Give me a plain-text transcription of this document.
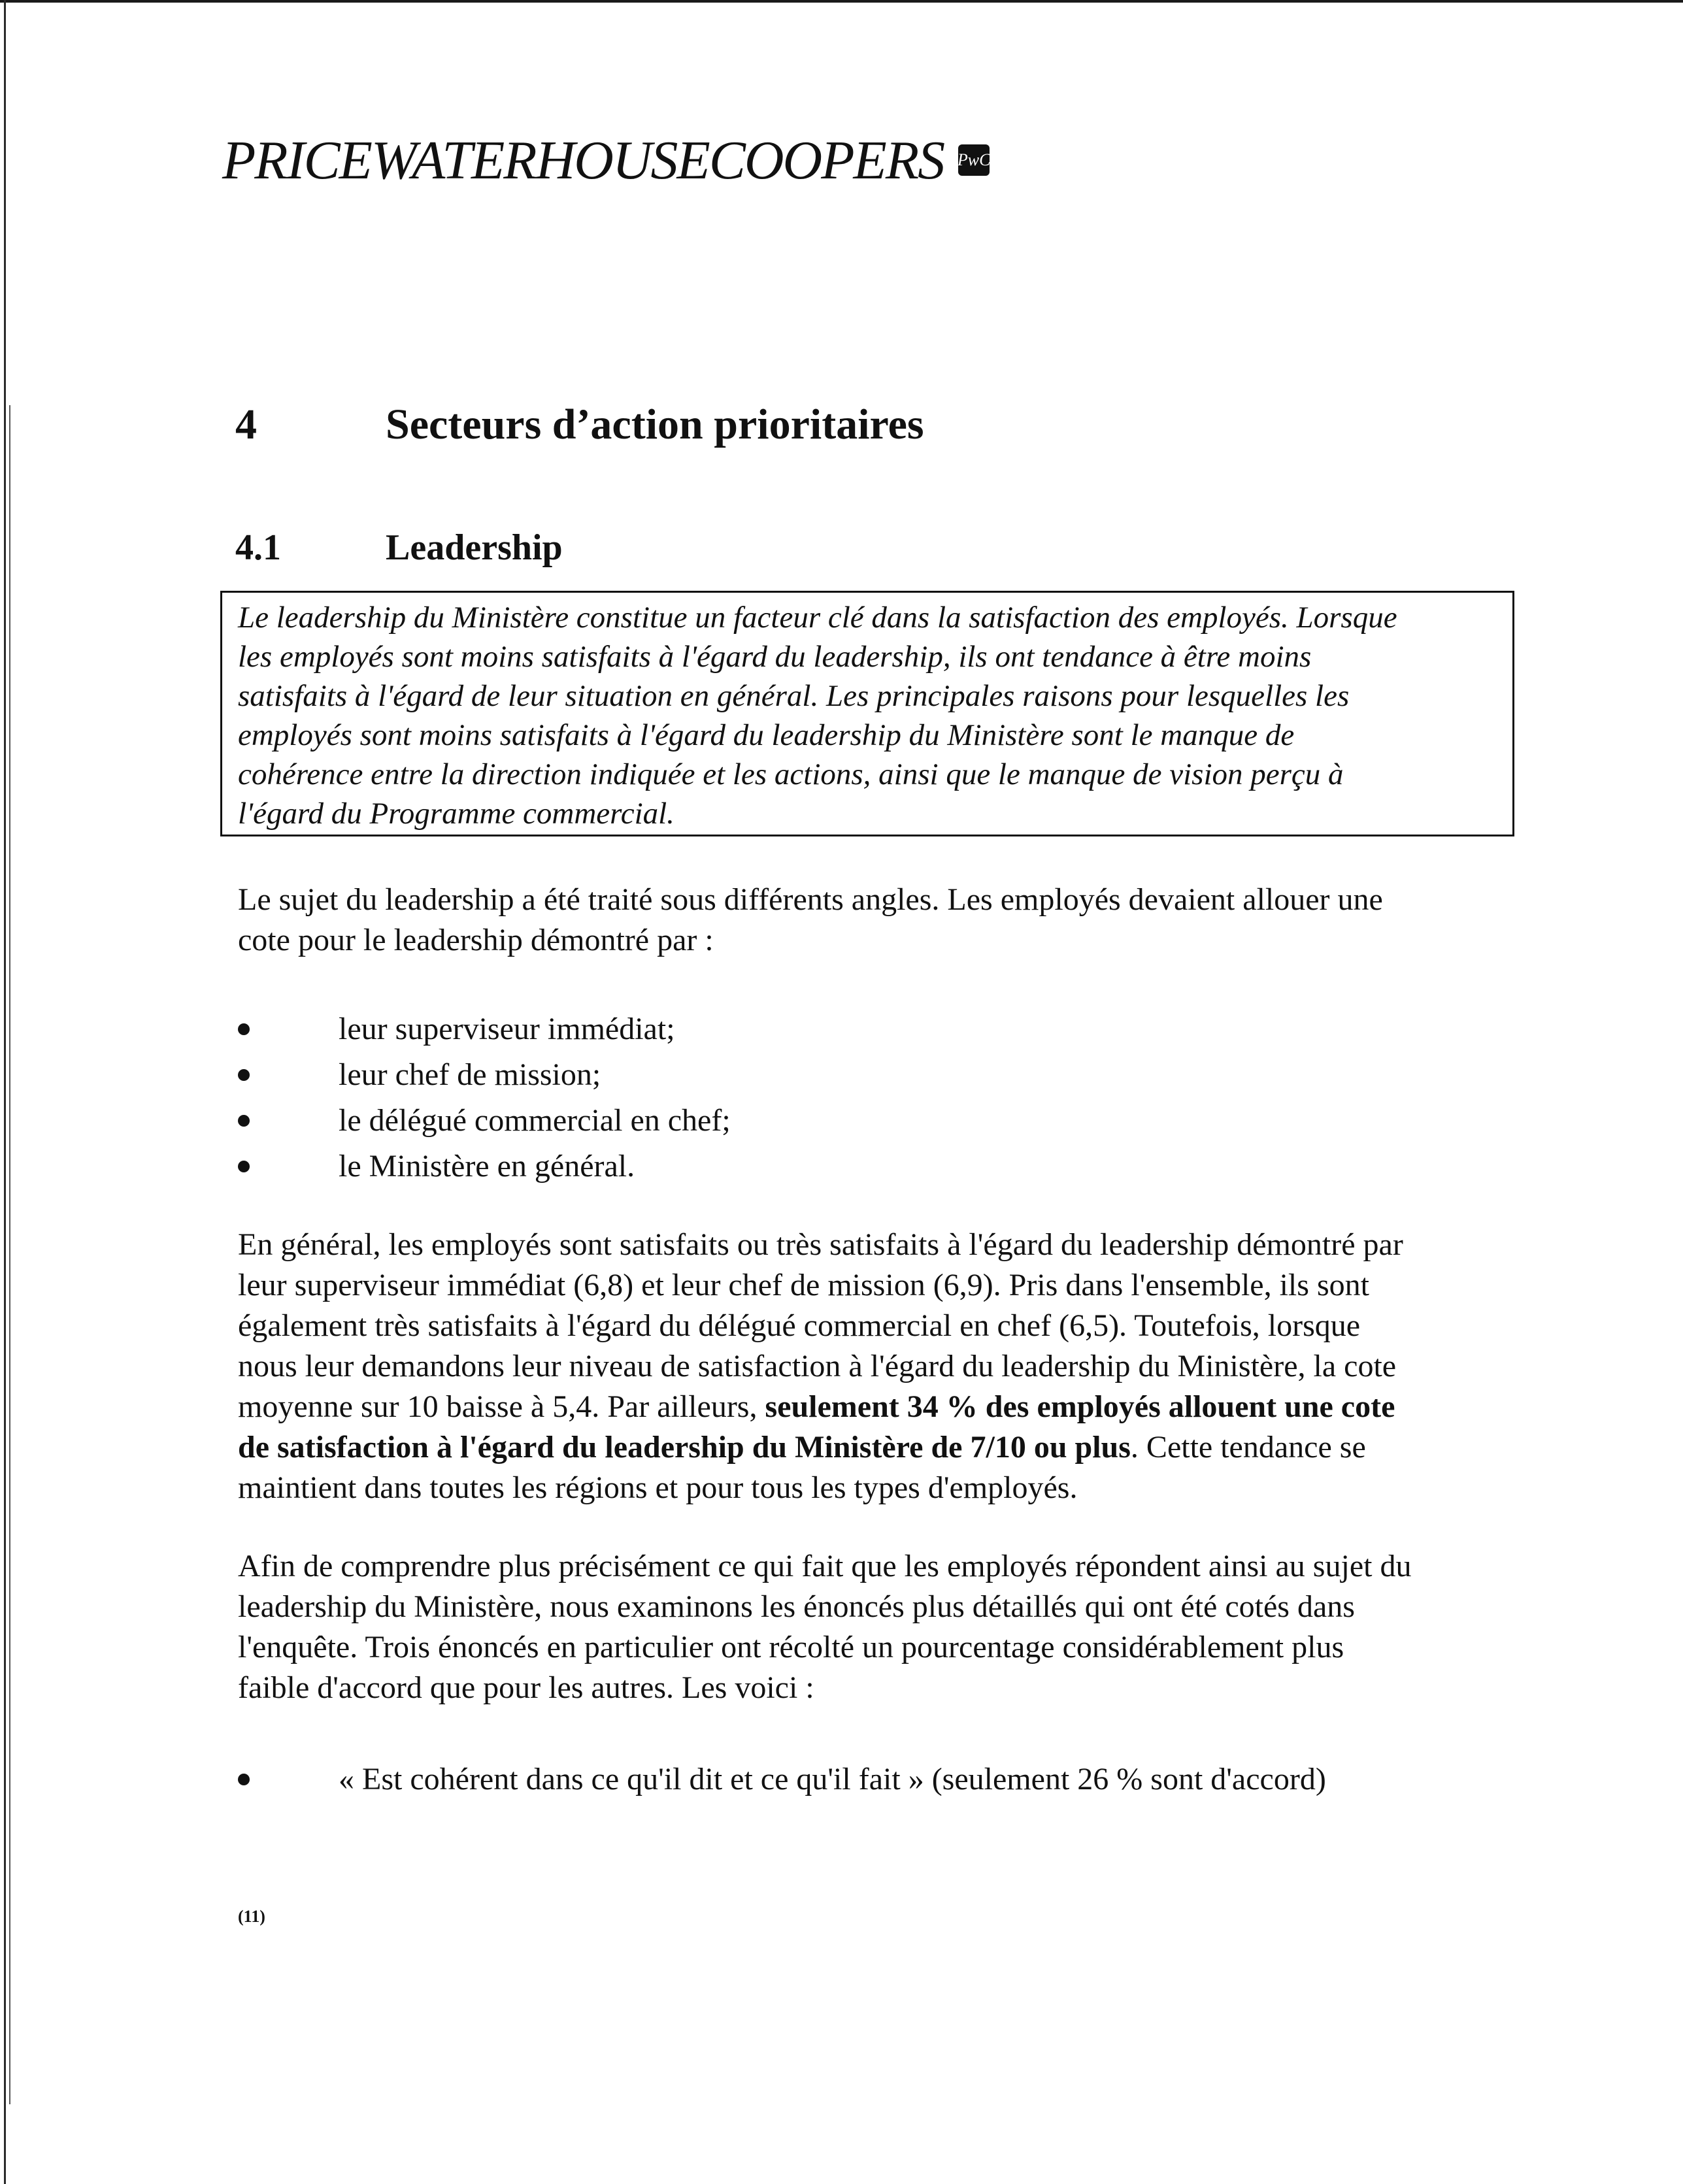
PRICEWATERHOUSECOOPERS PwC
4	Secteurs d’action prioritaires
4.1	Leadership

Le leadership du Ministère constitue un facteur clé dans la satisfaction des employés. Lorsque

les employés sont moins satisfaits à l'égard du leadership, ils ont tendance à être moins

satisfaits à l'égard de leur situation en général. Les principales raisons pour lesquelles les

employés sont moins satisfaits à l'égard du leadership du Ministère sont le manque de

cohérence entre la direction indiquée et les actions, ainsi que le manque de vision perçu à

l'égard du Programme commercial.

Le sujet du leadership a été traité sous différents angles. Les employés devaient allouer une
cote pour le leadership démontré par :
leur superviseur immédiat;
leur chef de mission;
le délégué commercial en chef;
le Ministère en général.
En général, les employés sont satisfaits ou très satisfaits à l'égard du leadership démontré par
leur superviseur immédiat (6,8) et leur chef de mission (6,9). Pris dans l'ensemble, ils sont
également très satisfaits à l'égard du délégué commercial en chef (6,5). Toutefois, lorsque
nous leur demandons leur niveau de satisfaction à l'égard du leadership du Ministère, la cote
moyenne sur 10 baisse à 5,4. Par ailleurs, seulement 34 % des employés allouent une cote
de satisfaction à l'égard du leadership du Ministère de 7/10 ou plus. Cette tendance se
maintient dans toutes les régions et pour tous les types d'employés.
Afin de comprendre plus précisément ce qui fait que les employés répondent ainsi au sujet du
leadership du Ministère, nous examinons les énoncés plus détaillés qui ont été cotés dans
l'enquête. Trois énoncés en particulier ont récolté un pourcentage considérablement plus
faible d'accord que pour les autres. Les voici :
« Est cohérent dans ce qu'il dit et ce qu'il fait » (seulement 26 % sont d'accord)
(11)
